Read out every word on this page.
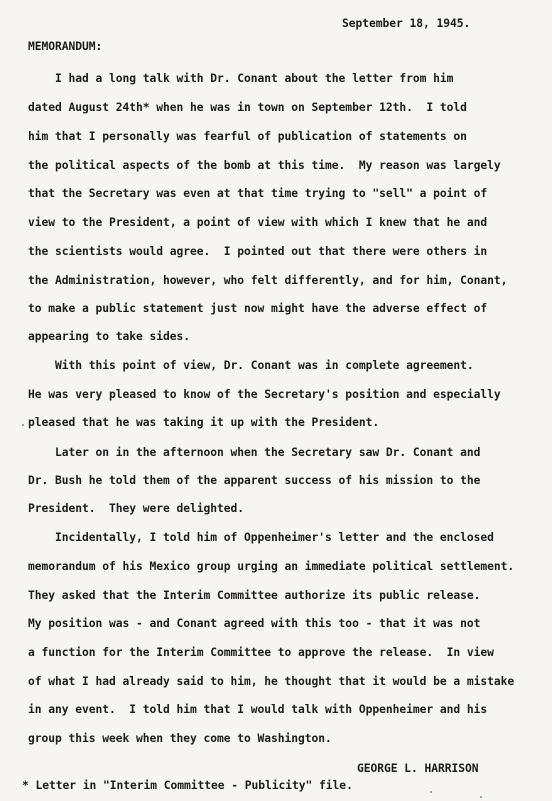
September 18, 1945.
MEMORANDUM:
I had a long talk with Dr. Conant about the letter from him
dated August 24th* when he was in town on September 12th.  I told
him that I personally was fearful of publication of statements on
the political aspects of the bomb at this time.  My reason was largely
that the Secretary was even at that time trying to "sell" a point of
view to the President, a point of view with which I knew that he and
the scientists would agree.  I pointed out that there were others in
the Administration, however, who felt differently, and for him, Conant,
to make a public statement just now might have the adverse effect of
appearing to take sides.
With this point of view, Dr. Conant was in complete agreement.
He was very pleased to know of the Secretary's position and especially
pleased that he was taking it up with the President.
Later on in the afternoon when the Secretary saw Dr. Conant and
Dr. Bush he told them of the apparent success of his mission to the
President.  They were delighted.
Incidentally, I told him of Oppenheimer's letter and the enclosed
memorandum of his Mexico group urging an immediate political settlement.
They asked that the Interim Committee authorize its public release.
My position was - and Conant agreed with this too - that it was not
a function for the Interim Committee to approve the release.  In view
of what I had already said to him, he thought that it would be a mistake
in any event.  I told him that I would talk with Oppenheimer and his
group this week when they come to Washington.
GEORGE L. HARRISON
* Letter in "Interim Committee - Publicity" file.
